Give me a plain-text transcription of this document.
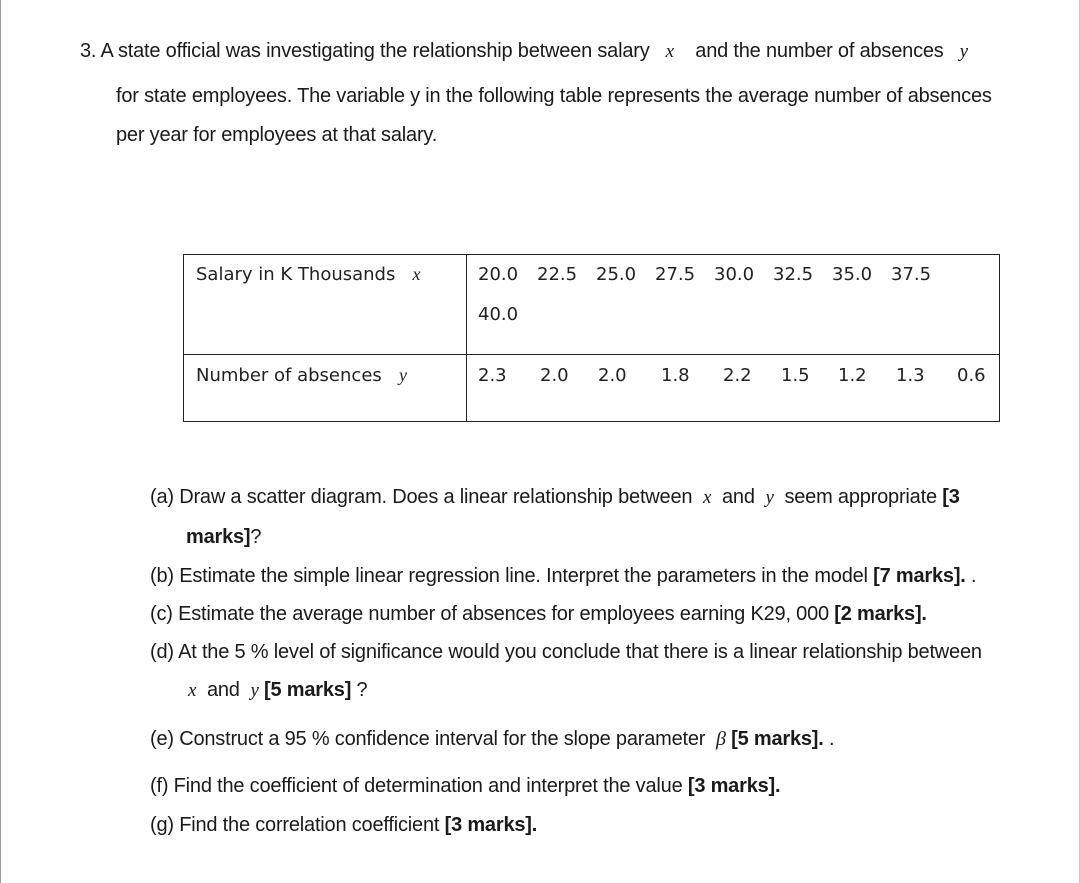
3. A state official was investigating the relationship between salary x and the number of absences y
for state employees. The variable y in the following table represents the average number of absences
per year for employees at that salary.
Salary in K Thousands x
Number of absences y
20.0 22.5 25.0 27.5 30.0 32.5 35.0 37.5
40.0
2.3 2.0 2.0 1.8 2.2 1.5 1.2 1.3 0.6
(a) Draw a scatter diagram. Does a linear relationship between x and y seem appropriate [3
marks]?
(b) Estimate the simple linear regression line. Interpret the parameters in the model [7 marks]. .
(c) Estimate the average number of absences for employees earning K29, 000 [2 marks].
(d) At the 5 % level of significance would you conclude that there is a linear relationship between
x and y [5 marks] ?
(e) Construct a 95 % confidence interval for the slope parameter β [5 marks]. .
(f) Find the coefficient of determination and interpret the value [3 marks].
(g) Find the correlation coefficient [3 marks].
